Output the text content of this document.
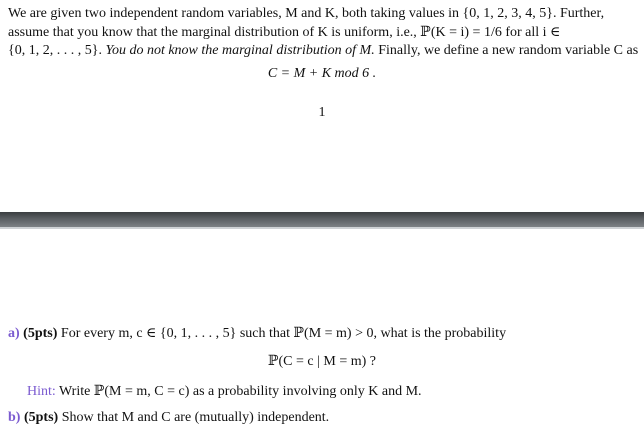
We are given two independent random variables, M and K, both taking values in {0, 1, 2, 3, 4, 5}. Further,
assume that you know that the marginal distribution of K is uniform, i.e., ℙ(K = i) = 1/6 for all i ∈
{0, 1, 2, . . . , 5}. You do not know the marginal distribution of M. Finally, we define a new random variable C as

C = M + K mod 6 .

1

a) (5pts) For every m, c ∈ {0, 1, . . . , 5} such that ℙ(M = m) > 0, what is the probability

ℙ(C = c | M = m) ?

Hint: Write ℙ(M = m, C = c) as a probability involving only K and M.

b) (5pts) Show that M and C are (mutually) independent.
